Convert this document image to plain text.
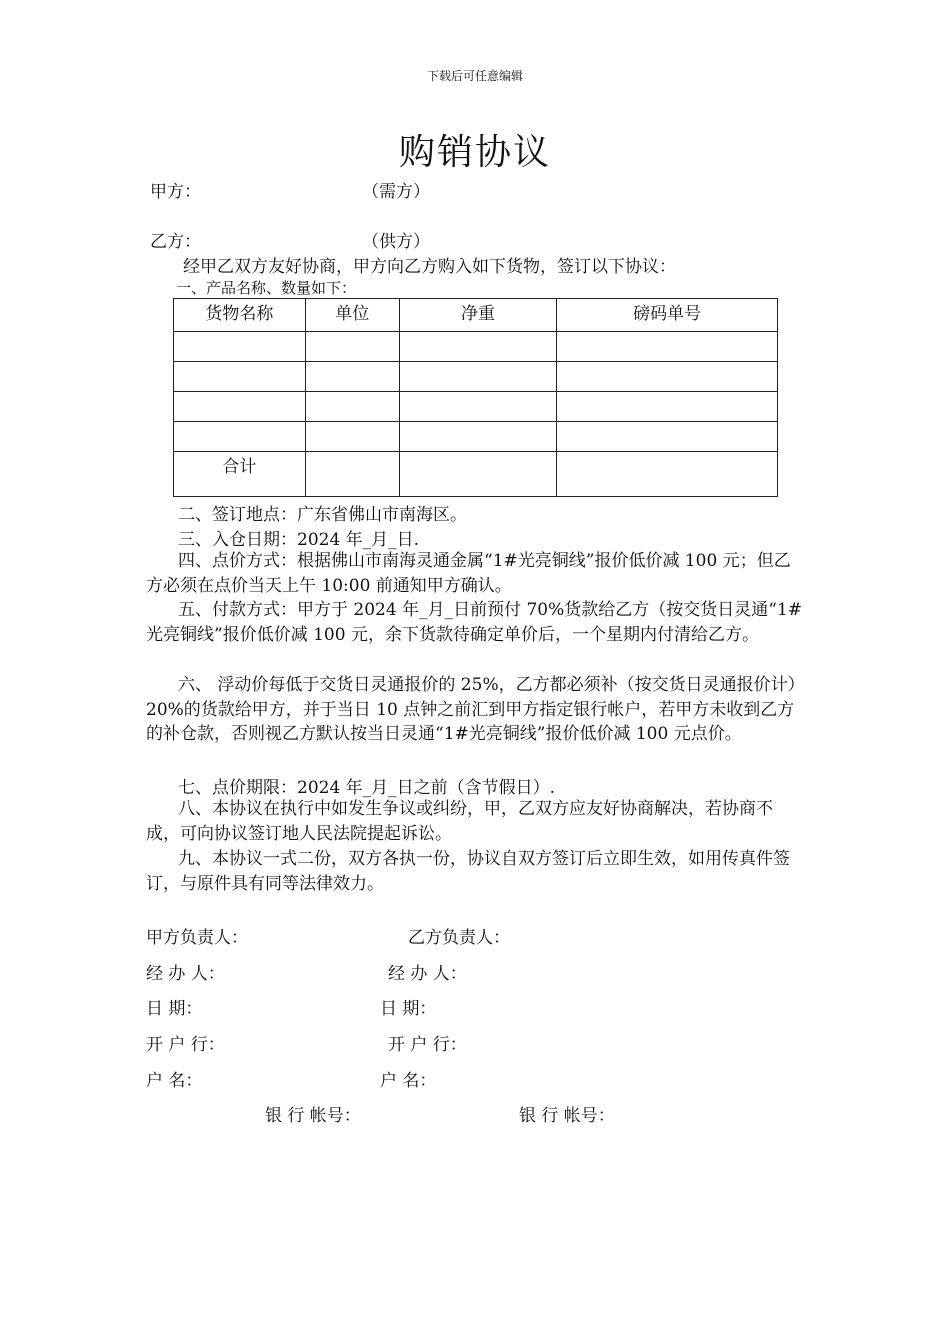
下载后可任意编辑
购销协议
甲方：	（需方）
乙方：	（供方）
经甲乙双方友好协商，甲方向乙方购入如下货物，签订以下协议：
一、产品名称、数量如下：
货物名称	单位	净重	磅码单号

合计			
二、签订地点：广东省佛山市南海区。
三、入仓日期：2024 年_月_日.
四、点价方式：根据佛山市南海灵通金属“1#光亮铜线”报价低价减 100 元；但乙方必须在点价当天上午 10:00 前通知甲方确认。
五、付款方式：甲方于 2024 年_月_日前预付 70%货款给乙方（按交货日灵通“1#光亮铜线”报价低价减 100 元，余下货款待确定单价后，一个星期内付清给乙方。
六、 浮动价每低于交货日灵通报价的 25%，乙方都必须补（按交货日灵通报价计）20%的货款给甲方，并于当日 10 点钟之前汇到甲方指定银行帐户，若甲方未收到乙方的补仓款，否则视乙方默认按当日灵通“1#光亮铜线”报价低价减 100 元点价。
七、点价期限：2024 年_月_日之前（含节假日）.
八、本协议在执行中如发生争议或纠纷，甲，乙双方应友好协商解决，若协商不成，可向协议签订地人民法院提起诉讼。
九、本协议一式二份，双方各执一份，协议自双方签订后立即生效，如用传真件签订，与原件具有同等法律效力。
甲方负责人：	乙方负责人：
经 办 人：	经 办 人：
日 期：	日 期：
开 户 行：	开 户 行：
户 名：	户 名：
银 行 帐号：	银 行 帐号：
